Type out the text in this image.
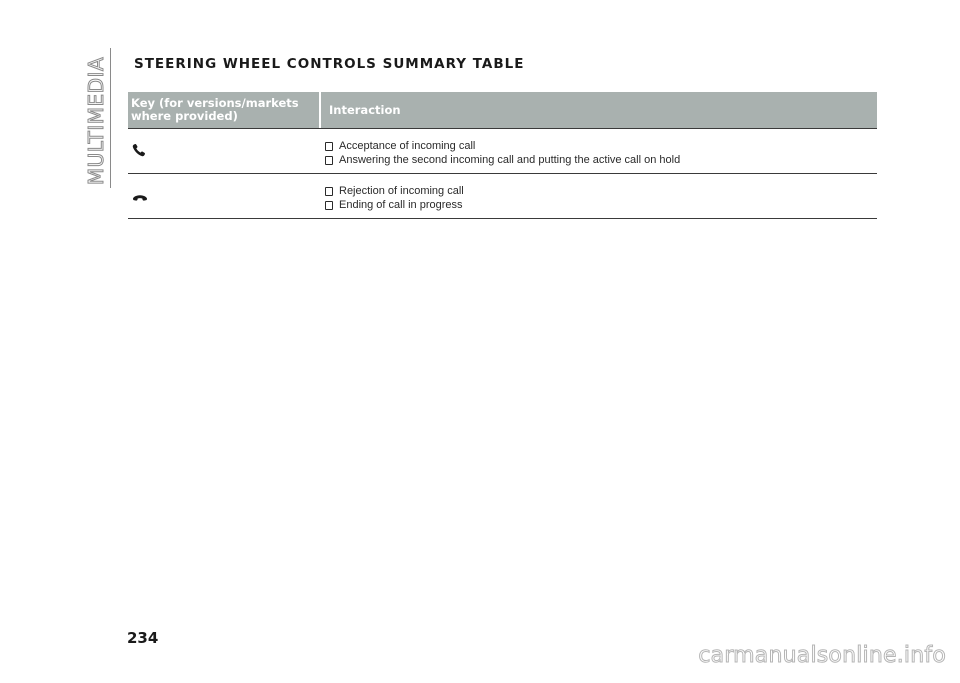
MULTIMEDIA STEERING WHEEL CONTROLS SUMMARY TABLE
Key (for versions/markets where provided)	Interaction
Acceptance of incoming call
Answering the second incoming call and putting the active call on hold
Rejection of incoming call
Ending of call in progress
234
carmanualsonline.info
